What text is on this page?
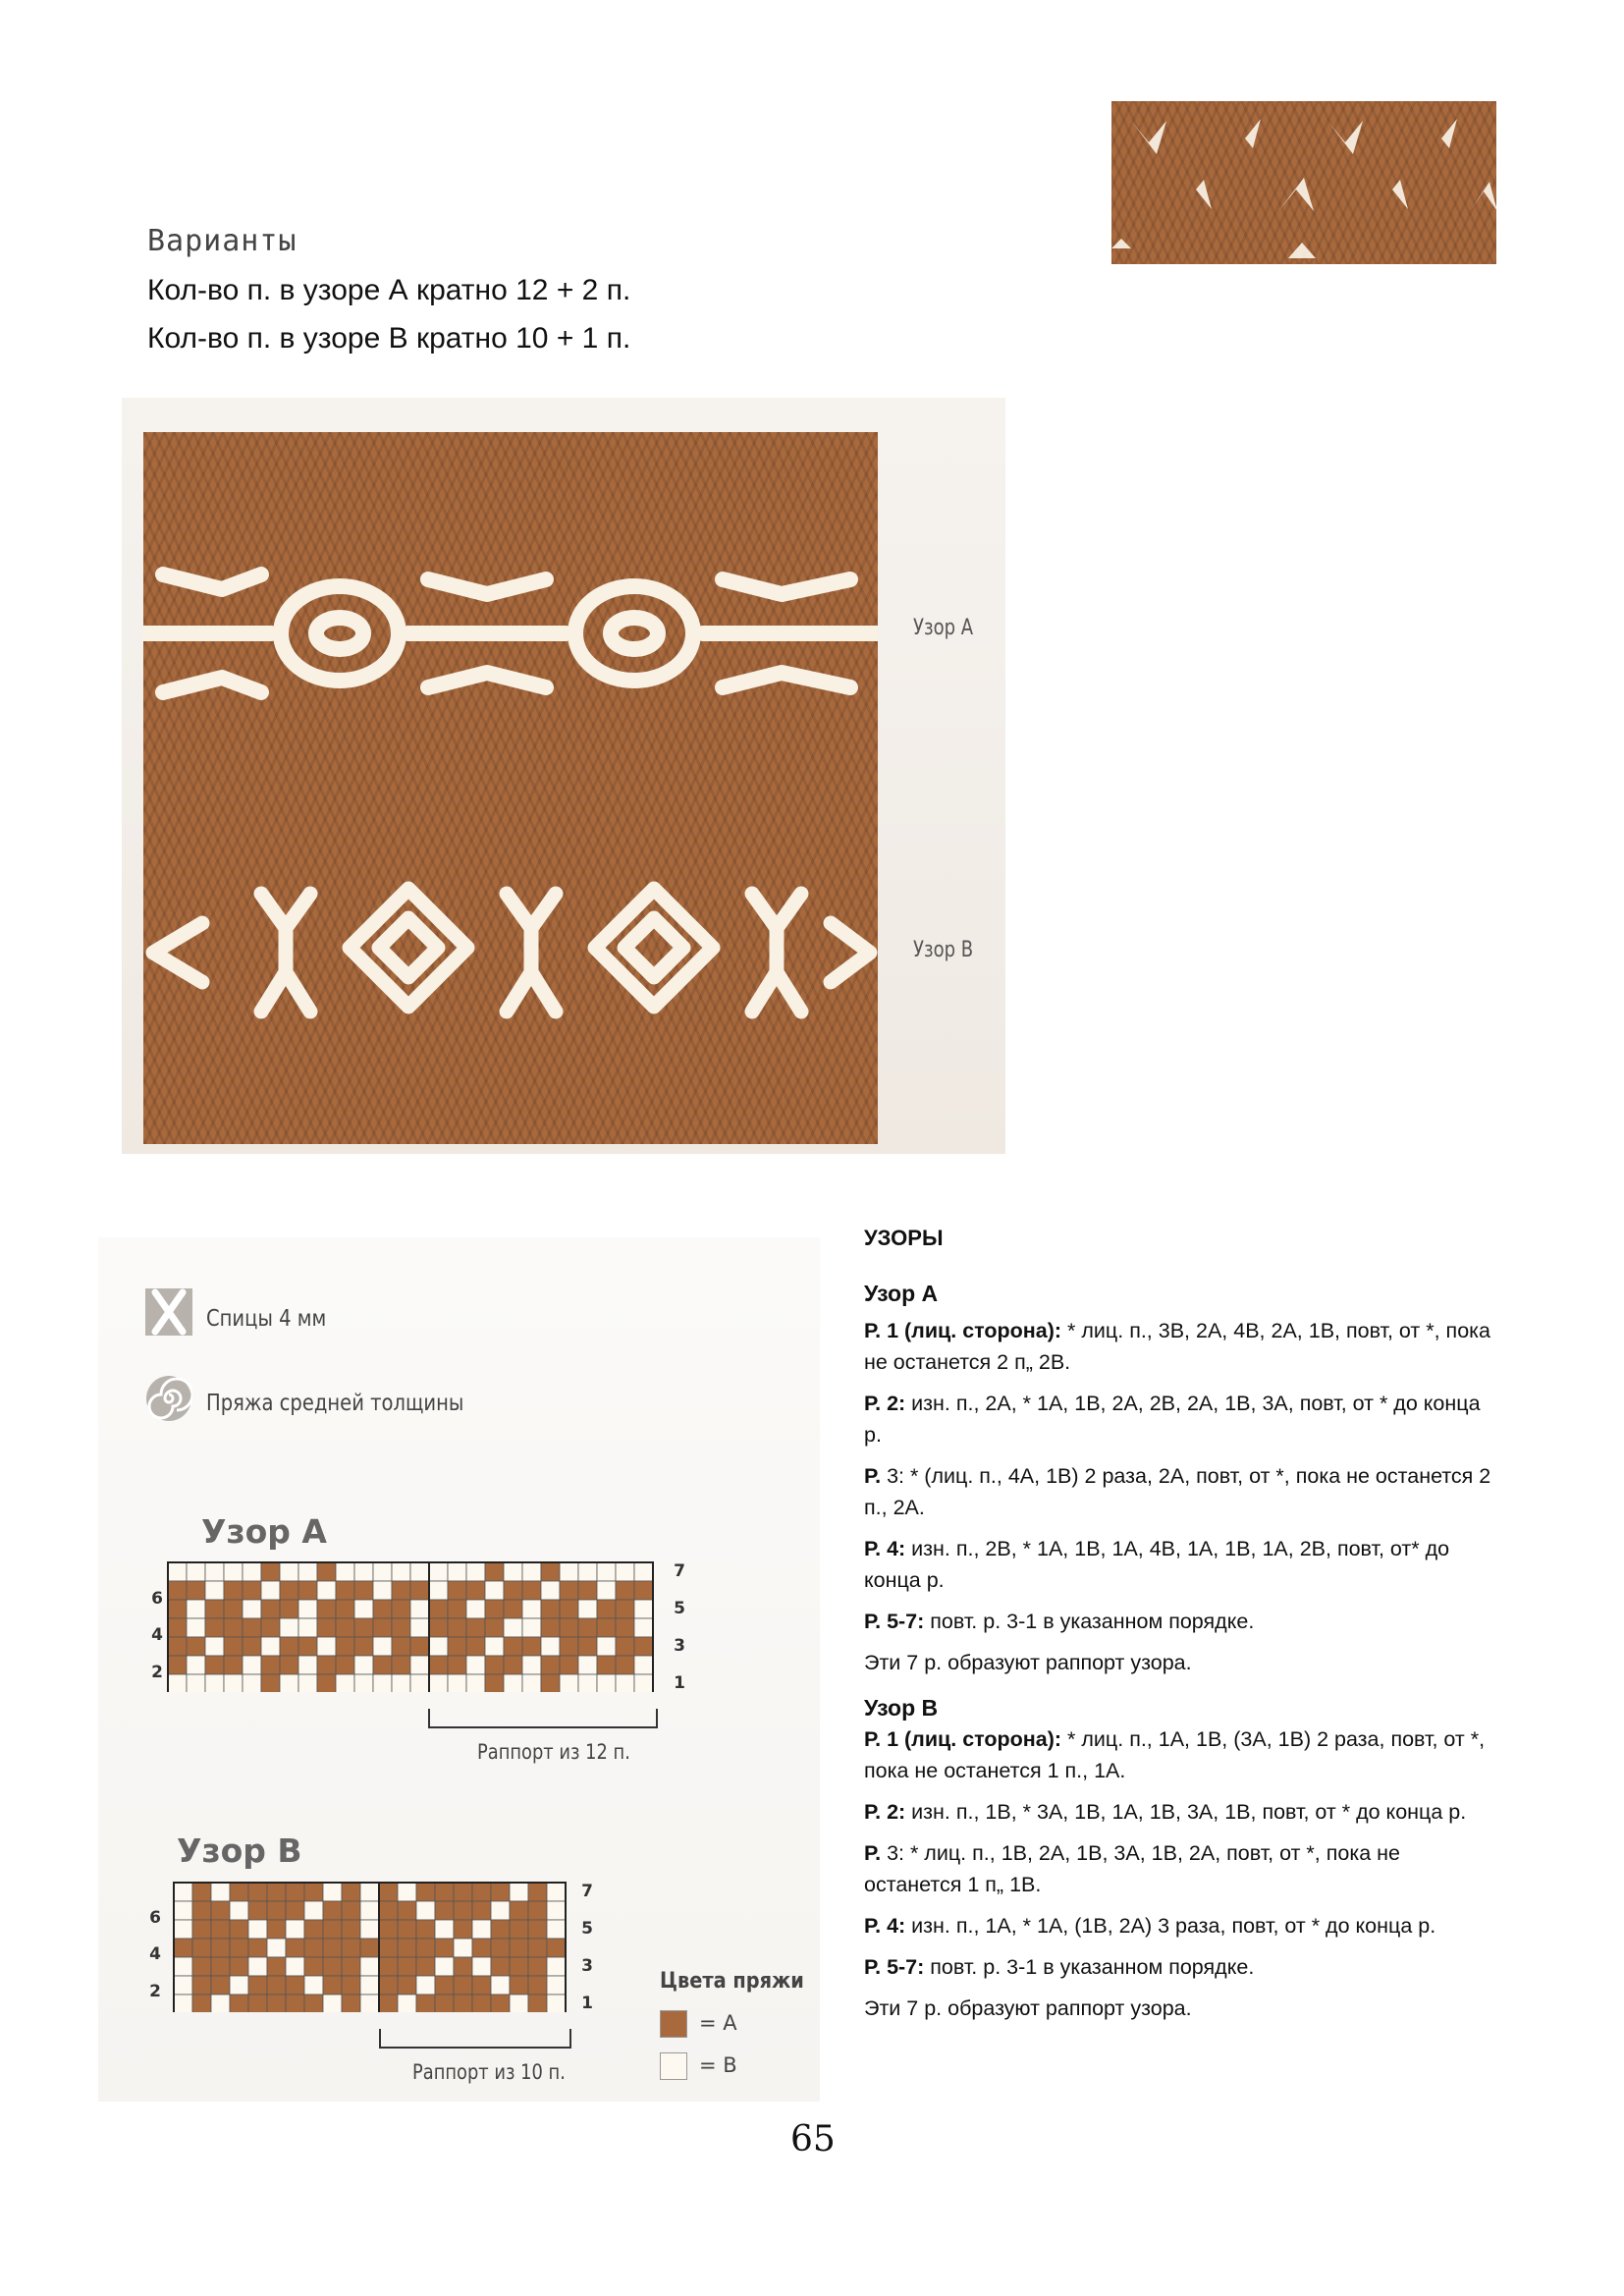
Варианты
Кол-во п. в узоре А кратно 12 + 2 п.
Кол-во п. в узоре В кратно 10 + 1 п.
Узор А
Узор В
Спицы 4 мм
Пряжа средней толщины
Узор А
6
4
2
7
5
3
1
Раппорт из 12 п.
Узор В
6
4
2
7
5
3
1
Раппорт из 10 п.
Цвета пряжи
= А
= В
УЗОРЫ
Узор А

Р. 1 (лиц. сторона): * лиц. п., 3В, 2А, 4В, 2А, 1В, повт, от *, пока не останется 2 п„ 2В.

Р. 2: изн. п., 2А, * 1А, 1В, 2А, 2В, 2А, 1В, 3А, повт, от * до конца р.

Р. 3: * (лиц. п., 4А, 1В) 2 раза, 2А, повт, от *, пока не останется 2 п., 2А.

Р. 4: изн. п., 2В, * 1А, 1В, 1А, 4В, 1А, 1В, 1А, 2В, повт, от* до конца р.

Р. 5-7: повт. р. 3-1 в указанном порядке.

Эти 7 р. образуют раппорт узора.

Узор В

Р. 1 (лиц. сторона): * лиц. п., 1А, 1В, (3А, 1В) 2 раза, повт, от *, пока не останется 1 п., 1А.

Р. 2: изн. п., 1В, * 3А, 1В, 1А, 1В, 3А, 1В, повт, от * до конца р.

Р. 3: * лиц. п., 1В, 2А, 1В, 3А, 1В, 2А, повт, от *, пока не останется 1 п„ 1В.

Р. 4: изн. п., 1А, * 1А, (1В, 2А) 3 раза, повт, от * до конца р.

Р. 5-7: повт. р. 3-1 в указанном порядке.

Эти 7 р. образуют раппорт узора.

65
